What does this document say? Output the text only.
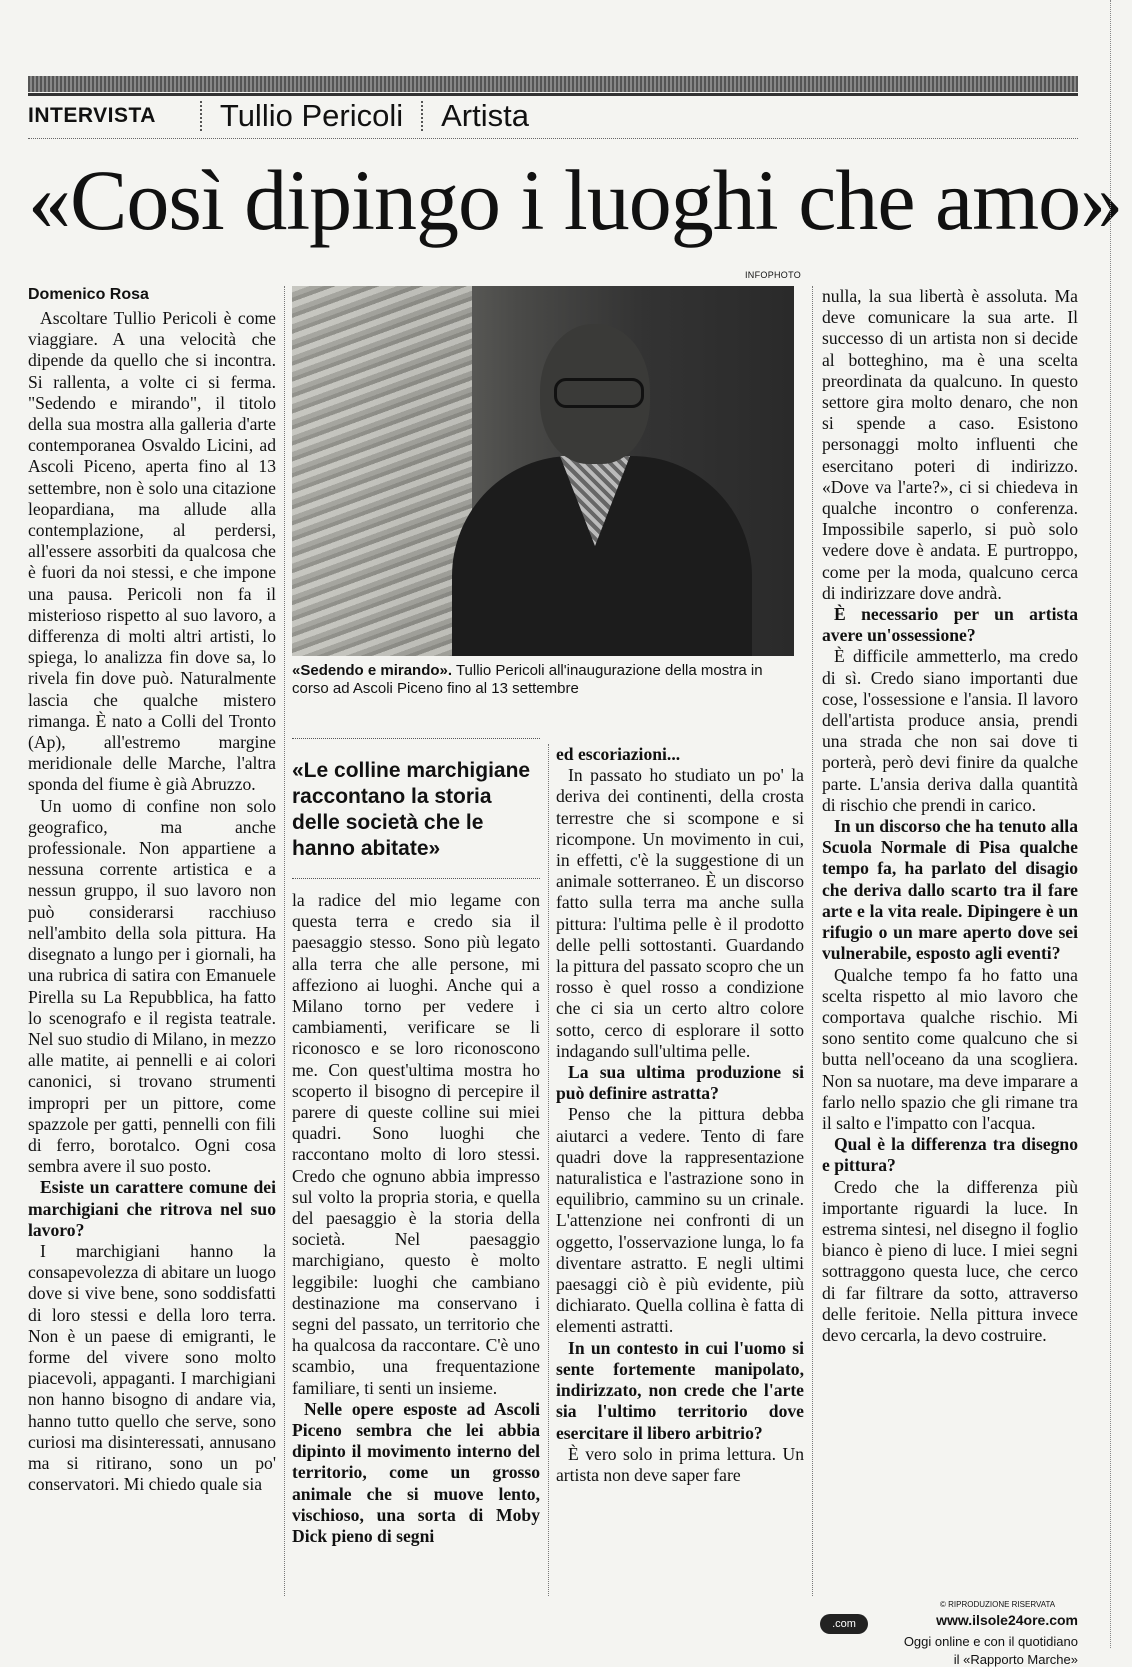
INTERVISTA	Tullio Pericoli Artista
«Così dipingo i luoghi che amo»
Domenico Rosa

Ascoltare Tullio Pericoli è come viaggiare. A una velocità che dipende da quello che si incontra. Si rallenta, a volte ci si ferma. "Sedendo e mirando", il titolo della sua mostra alla galleria d'arte contemporanea Osvaldo Licini, ad Ascoli Piceno, aperta fino al 13 settembre, non è solo una citazione leopardiana, ma allude alla contemplazione, al perdersi, all'essere assorbiti da qualcosa che è fuori da noi stessi, e che impone una pausa. Pericoli non fa il misterioso rispetto al suo lavoro, a differenza di molti altri artisti, lo spiega, lo analizza fin dove sa, lo rivela fin dove può. Naturalmente lascia che qualche mistero rimanga. È nato a Colli del Tronto (Ap), all'estremo margine meridionale delle Marche, l'altra sponda del fiume è già Abruzzo.

Un uomo di confine non solo geografico, ma anche professionale. Non appartiene a nessuna corrente artistica e a nessun gruppo, il suo lavoro non può considerarsi racchiuso nell'ambito della sola pittura. Ha disegnato a lungo per i giornali, ha una rubrica di satira con Emanuele Pirella su La Repubblica, ha fatto lo scenografo e il regista teatrale. Nel suo studio di Milano, in mezzo alle matite, ai pennelli e ai colori canonici, si trovano strumenti impropri per un pittore, come spazzole per gatti, pennelli con fili di ferro, borotalco. Ogni cosa sembra avere il suo posto.

Esiste un carattere comune dei marchigiani che ritrova nel suo lavoro?

I marchigiani hanno la consapevolezza di abitare un luogo dove si vive bene, sono soddisfatti di loro stessi e della loro terra. Non è un paese di emigranti, le forme del vivere sono molto piacevoli, appaganti. I marchigiani non hanno bisogno di andare via, hanno tutto quello che serve, sono curiosi ma disinteressati, annusano ma si ritirano, sono un po' conservatori. Mi chiedo quale sia

INFOPHOTO
«Sedendo e mirando». Tullio Pericoli all'inaugurazione della mostra in corso ad Ascoli Piceno fino al 13 settembre
«Le colline marchigiane raccontano la storia delle società che le hanno abitate»

la radice del mio legame con questa terra e credo sia il paesaggio stesso. Sono più legato alla terra che alle persone, mi affeziono ai luoghi. Anche qui a Milano torno per vedere i cambiamenti, verificare se li riconosco e se loro riconoscono me. Con quest'ultima mostra ho scoperto il bisogno di percepire il parere di queste colline sui miei quadri. Sono luoghi che raccontano molto di loro stessi. Credo che ognuno abbia impresso sul volto la propria storia, e quella del paesaggio è la storia della società. Nel paesaggio marchigiano, questo è molto leggibile: luoghi che cambiano destinazione ma conservano i segni del passato, un territorio che ha qualcosa da raccontare. C'è uno scambio, una frequentazione familiare, ti senti un insieme.

Nelle opere esposte ad Ascoli Piceno sembra che lei abbia dipinto il movimento interno del territorio, come un grosso animale che si muove lento, vischioso, una sorta di Moby Dick pieno di segni

ed escoriazioni...

In passato ho studiato un po' la deriva dei continenti, della crosta terrestre che si scompone e si ricompone. Un movimento in cui, in effetti, c'è la suggestione di un animale sotterraneo. È un discorso fatto sulla terra ma anche sulla pittura: l'ultima pelle è il prodotto delle pelli sottostanti. Guardando la pittura del passato scopro che un rosso è quel rosso a condizione che ci sia un certo altro colore sotto, cerco di esplorare il sotto indagando sull'ultima pelle.

La sua ultima produzione si può definire astratta?

Penso che la pittura debba aiutarci a vedere. Tento di fare quadri dove la rappresentazione naturalistica e l'astrazione sono in equilibrio, cammino su un crinale. L'attenzione nei confronti di un oggetto, l'osservazione lunga, lo fa diventare astratto. E negli ultimi paesaggi ciò è più evidente, più dichiarato. Quella collina è fatta di elementi astratti.

In un contesto in cui l'uomo si sente fortemente manipolato, indirizzato, non crede che l'arte sia l'ultimo territorio dove esercitare il libero arbitrio?

È vero solo in prima lettura. Un artista non deve saper fare

nulla, la sua libertà è assoluta. Ma deve comunicare la sua arte. Il successo di un artista non si decide al botteghino, ma è una scelta preordinata da qualcuno. In questo settore gira molto denaro, che non si spende a caso. Esistono personaggi molto influenti che esercitano poteri di indirizzo. «Dove va l'arte?», ci si chiedeva in qualche incontro o conferenza. Impossibile saperlo, si può solo vedere dove è andata. E purtroppo, come per la moda, qualcuno cerca di indirizzare dove andrà.

È necessario per un artista avere un'ossessione?

È difficile ammetterlo, ma credo di sì. Credo siano importanti due cose, l'ossessione e l'ansia. Il lavoro dell'artista produce ansia, prendi una strada che non sai dove ti porterà, però devi finire da qualche parte. L'ansia deriva dalla quantità di rischio che prendi in carico.

In un discorso che ha tenuto alla Scuola Normale di Pisa qualche tempo fa, ha parlato del disagio che deriva dallo scarto tra il fare arte e la vita reale. Dipingere è un rifugio o un mare aperto dove sei vulnerabile, esposto agli eventi?

Qualche tempo fa ho fatto una scelta rispetto al mio lavoro che comportava qualche rischio. Mi sono sentito come qualcuno che si butta nell'oceano da una scogliera. Non sa nuotare, ma deve imparare a farlo nello spazio che gli rimane tra il salto e l'impatto con l'acqua.

Qual è la differenza tra disegno e pittura?

Credo che la differenza più importante riguardi la luce. In estrema sintesi, nel disegno il foglio bianco è pieno di luce. I miei segni sottraggono questa luce, che cerco di far filtrare da sotto, attraverso delle feritoie. Nella pittura invece devo cercarla, la devo costruire.

© RIPRODUZIONE RISERVATA
.com	www.ilsole24ore.com
Oggi online e con il quotidiano
il «Rapporto Marche»
